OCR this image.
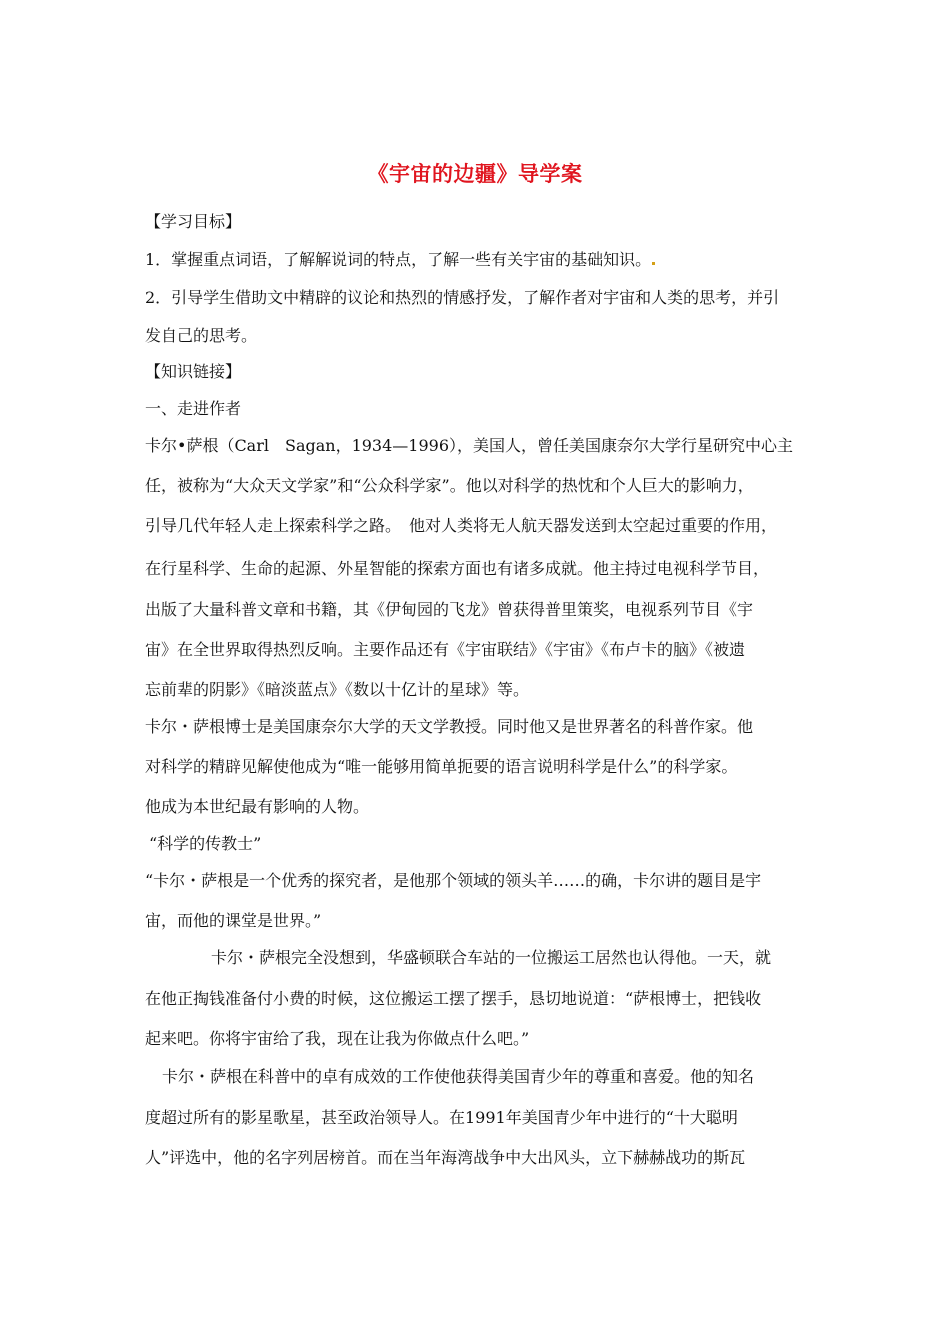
《宇宙的边疆》导学案
【学习目标】
1．掌握重点词语，了解解说词的特点，了解一些有关宇宙的基础知识。
2．引导学生借助文中精辟的议论和热烈的情感抒发，了解作者对宇宙和人类的思考，并引
发自己的思考。
【知识链接】
一、走进作者
卡尔•萨根（Carl　Sagan，1934—1996），美国人，曾任美国康奈尔大学行星研究中心主
任，被称为“大众天文学家”和“公众科学家”。他以对科学的热忱和个人巨大的影响力，
引导几代年轻人走上探索科学之路。　他对人类将无人航天器发送到太空起过重要的作用，
在行星科学、生命的起源、外星智能的探索方面也有诸多成就。他主持过电视科学节目，
出版了大量科普文章和书籍，其《伊甸园的飞龙》曾获得普里策奖，电视系列节目《宇
宙》在全世界取得热烈反响。主要作品还有《宇宙联结》《宇宙》《布卢卡的脑》《被遗
忘前辈的阴影》《暗淡蓝点》《数以十亿计的星球》等。
卡尔・萨根博士是美国康奈尔大学的天文学教授。同时他又是世界著名的科普作家。他
对科学的精辟见解使他成为“唯一能够用简单扼要的语言说明科学是什么”的科学家。
他成为本世纪最有影响的人物。
“科学的传教士”
“卡尔・萨根是一个优秀的探究者，是他那个领域的领头羊……的确，卡尔讲的题目是宇
宙，而他的课堂是世界。”
卡尔・萨根完全没想到，华盛顿联合车站的一位搬运工居然也认得他。一天，就
在他正掏钱准备付小费的时候，这位搬运工摆了摆手，恳切地说道：“萨根博士，把钱收
起来吧。你将宇宙给了我，现在让我为你做点什么吧。”
卡尔・萨根在科普中的卓有成效的工作使他获得美国青少年的尊重和喜爱。他的知名
度超过所有的影星歌星，甚至政治领导人。在1991年美国青少年中进行的“十大聪明
人”评选中，他的名字列居榜首。而在当年海湾战争中大出风头，立下赫赫战功的斯瓦
